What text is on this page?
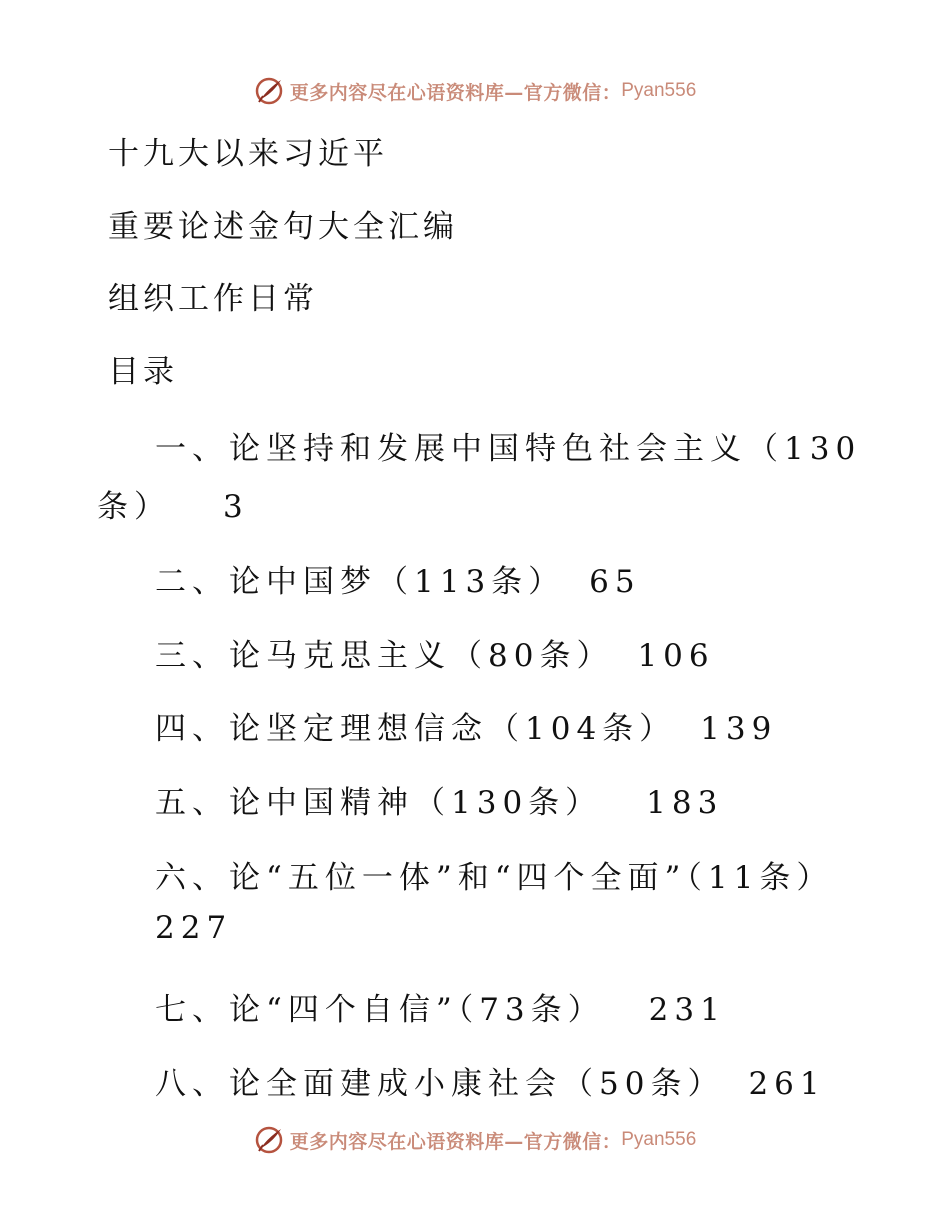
更多内容尽在心语资料库—官方微信： Pyan556
十九大以来习近平
重要论述金句大全汇编
组织工作日常
目录
一、论坚持和发展中国特色社会主义（130
条） 3
二、论中国梦（113条） 65
三、论马克思主义（80条） 106
四、论坚定理想信念（104条） 139
五、论中国精神（130条） 183
六、论“五位一体”和“四个全面”（11条）
227
七、论“四个自信”（73条） 231
八、论全面建成小康社会（50条） 261
更多内容尽在心语资料库—官方微信： Pyan556
